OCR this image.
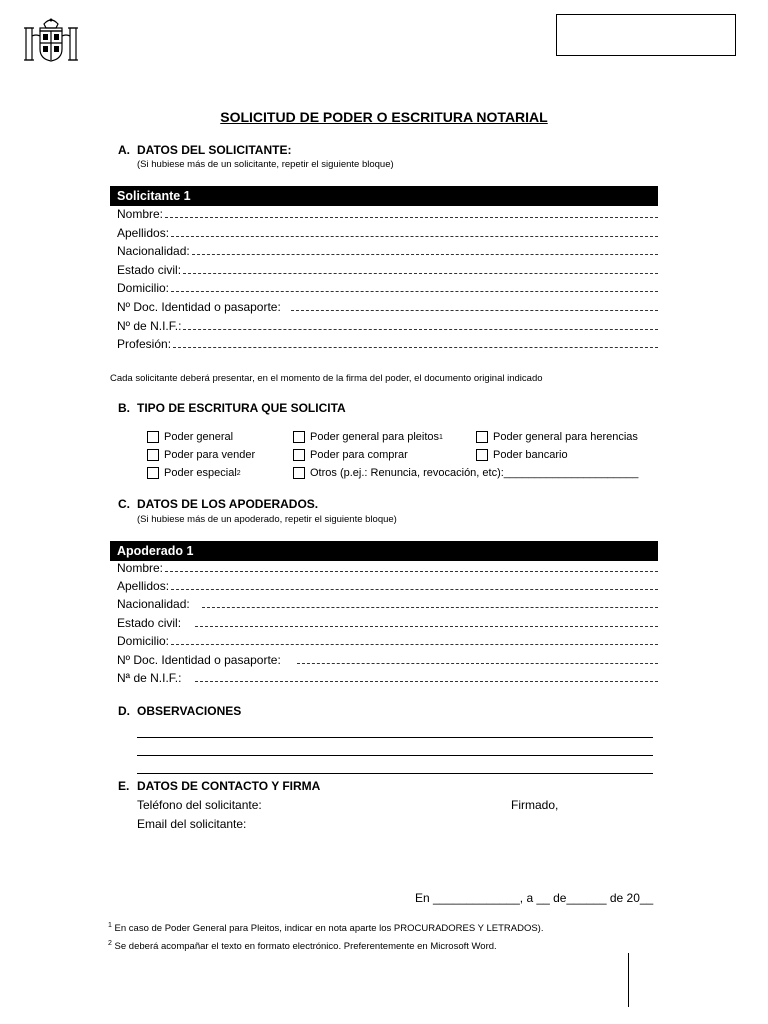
SOLICITUD DE PODER O ESCRITURA NOTARIAL
A. DATOS DEL SOLICITANTE:
(Si hubiese más de un solicitante, repetir el siguiente bloque)
Solicitante 1
Nombre:
Apellidos:
Nacionalidad:
Estado civil:
Domicilio:
Nº Doc. Identidad o pasaporte:
Nº de N.I.F.:
Profesión:
Cada solicitante deberá presentar, en el momento de la firma del poder, el documento original indicado
B. TIPO DE ESCRITURA QUE SOLICITA
Poder general	Poder general para pleitos 1	Poder general para herencias
Poder para vender	Poder para comprar	Poder bancario
Poder especial 2	Otros (p.ej.: Renuncia, revocación, etc):______________________
C. DATOS DE LOS APODERADOS.
(Si hubiese más de un apoderado, repetir el siguiente bloque)
Apoderado 1
Nombre:
Apellidos:
Nacionalidad:
Estado civil:
Domicilio:
Nº Doc. Identidad o pasaporte:
Nª de N.I.F.:
D. OBSERVACIONES
E. DATOS DE CONTACTO Y FIRMA
Teléfono del solicitante:	Firmado,
Email del solicitante:
En _____________, a __ de______ de 20__
$^1$ En caso de Poder General para Pleitos, indicar en nota aparte los PROCURADORES Y LETRADOS).
$^2$ Se deberá acompañar el texto en formato electrónico. Preferentemente en Microsoft Word.
